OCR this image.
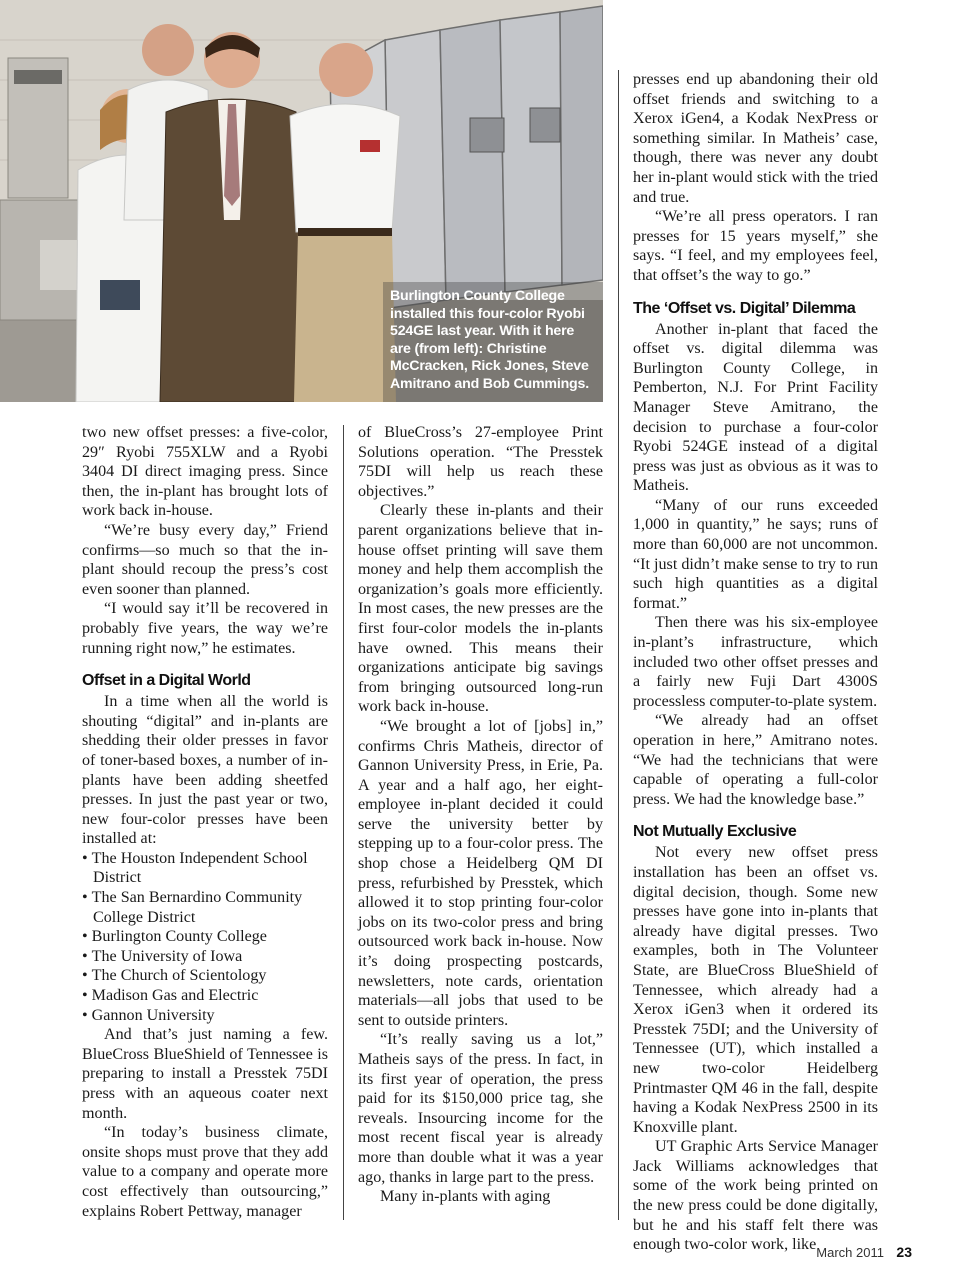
Burlington County College installed this four-color Ryobi 524GE last year. With it here are (from left): Christine McCracken, Rick Jones, Steve Amitrano and Bob Cummings.

two new offset presses: a five-color, 29″ Ryobi 755XLW and a Ryobi 3404 DI direct imaging press. Since then, the in-plant has brought lots of work back in-house.

“We’re busy every day,” Friend confirms—so much so that the in-plant should recoup the press’s cost even sooner than planned.

“I would say it’ll be recovered in probably five years, the way we’re running right now,” he estimates.

Offset in a Digital World

In a time when all the world is shouting “digital” and in-plants are shedding their older presses in favor of toner-based boxes, a number of in-plants have been adding sheetfed presses. In just the past year or two, new four-color presses have been installed at:

• The Houston Independent School District
• The San Bernardino Community College District
• Burlington County College
• The University of Iowa
• The Church of Scientology
• Madison Gas and Electric
• Gannon University

And that’s just naming a few. BlueCross BlueShield of Tennessee is preparing to install a Presstek 75DI press with an aqueous coater next month.

“In today’s business climate, onsite shops must prove that they add value to a company and operate more cost effectively than outsourcing,” explains Robert Pettway, manager

of BlueCross’s 27-employee Print Solutions operation. “The Presstek 75DI will help us reach these objectives.”

Clearly these in-plants and their parent organizations believe that in-house offset printing will save them money and help them accomplish the organization’s goals more efficiently. In most cases, the new presses are the first four-color models the in-plants have owned. This means their organizations anticipate big savings from bringing outsourced long-run work back in-house.

“We brought a lot of [jobs] in,” confirms Chris Matheis, director of Gannon University Press, in Erie, Pa. A year and a half ago, her eight-employee in-plant decided it could serve the university better by stepping up to a four-color press. The shop chose a Heidelberg QM DI press, refurbished by Presstek, which allowed it to stop printing four-color jobs on its two-color press and bring outsourced work back in-house. Now it’s doing prospecting postcards, newsletters, note cards, orientation materials—all jobs that used to be sent to outside printers.

“It’s really saving us a lot,” Matheis says of the press. In fact, in its first year of operation, the press paid for its $150,000 price tag, she reveals. Insourcing income for the most recent fiscal year is already more than double what it was a year ago, thanks in large part to the press.

Many in-plants with aging

presses end up abandoning their old offset friends and switching to a Xerox iGen4, a Kodak NexPress or something similar. In Matheis’ case, though, there was never any doubt her in-plant would stick with the tried and true.

“We’re all press operators. I ran presses for 15 years myself,” she says. “I feel, and my employees feel, that offset’s the way to go.”

The ‘Offset vs. Digital’ Dilemma

Another in-plant that faced the offset vs. digital dilemma was Burlington County College, in Pemberton, N.J. For Print Facility Manager Steve Amitrano, the decision to purchase a four-color Ryobi 524GE instead of a digital press was just as obvious as it was to Matheis.

“Many of our runs exceeded 1,000 in quantity,” he says; runs of more than 60,000 are not uncommon. “It just didn’t make sense to try to run such high quantities as a digital format.”

Then there was his six-employee in-plant’s infrastructure, which included two other offset presses and a fairly new Fuji Dart 4300S processless computer-to-plate system.

“We already had an offset operation in here,” Amitrano notes. “We had the technicians that were capable of operating a full-color press. We had the knowledge base.”

Not Mutually Exclusive

Not every new offset press installation has been an offset vs. digital decision, though. Some new presses have gone into in-plants that already have digital presses. Two examples, both in The Volunteer State, are BlueCross BlueShield of Tennessee, which already had a Xerox iGen3 when it ordered its Presstek 75DI; and the University of Tennessee (UT), which installed a new two-color Heidelberg Printmaster QM 46 in the fall, despite having a Kodak NexPress 2500 in its Knoxville plant.

UT Graphic Arts Service Manager Jack Williams acknowledges that some of the work being printed on the new press could be done digitally, but he and his staff felt there was enough two-color work, like March 2011 23
